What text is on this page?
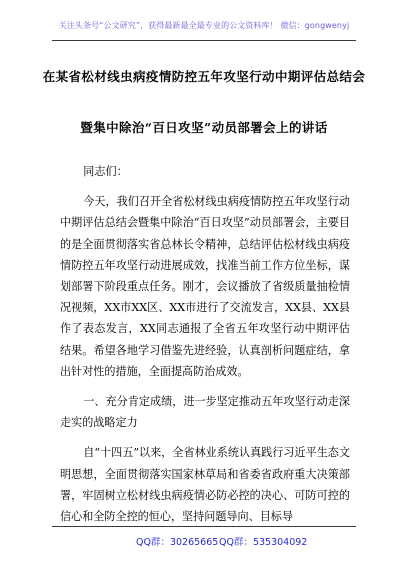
关注头条号“公文研究”，获得最新最全最专业的公文资料库！ 微信：gongwenyj
在某省松材线虫病疫情防控五年攻坚行动中期评估总结会
暨集中除治“百日攻坚”动员部署会上的讲话

同志们：

今天，我们召开全省松材线虫病疫情防控五年攻坚行动中期评估总结会暨集中除治“百日攻坚”动员部署会，主要目的是全面贯彻落实省总林长令精神，总结评估松材线虫病疫情防控五年攻坚行动进展成效，找准当前工作方位坐标，谋划部署下阶段重点任务。刚才，会议播放了省级质量抽检情况视频，XX市XX区、XX市进行了交流发言，XX县、XX县作了表态发言，XX同志通报了全省五年攻坚行动中期评估结果。希望各地学习借鉴先进经验，认真剖析问题症结，拿出针对性的措施，全面提高防治成效。

一、充分肯定成绩，进一步坚定推动五年攻坚行动走深走实的战略定力

自“十四五”以来，全省林业系统认真践行习近平生态文明思想，全面贯彻落实国家林草局和省委省政府重大决策部署，牢固树立松材线虫病疫情必防必控的决心、可防可控的信心和全防全控的恒心，坚持问题导向、目标导

QQ群：30265665 QQ群：535304092
